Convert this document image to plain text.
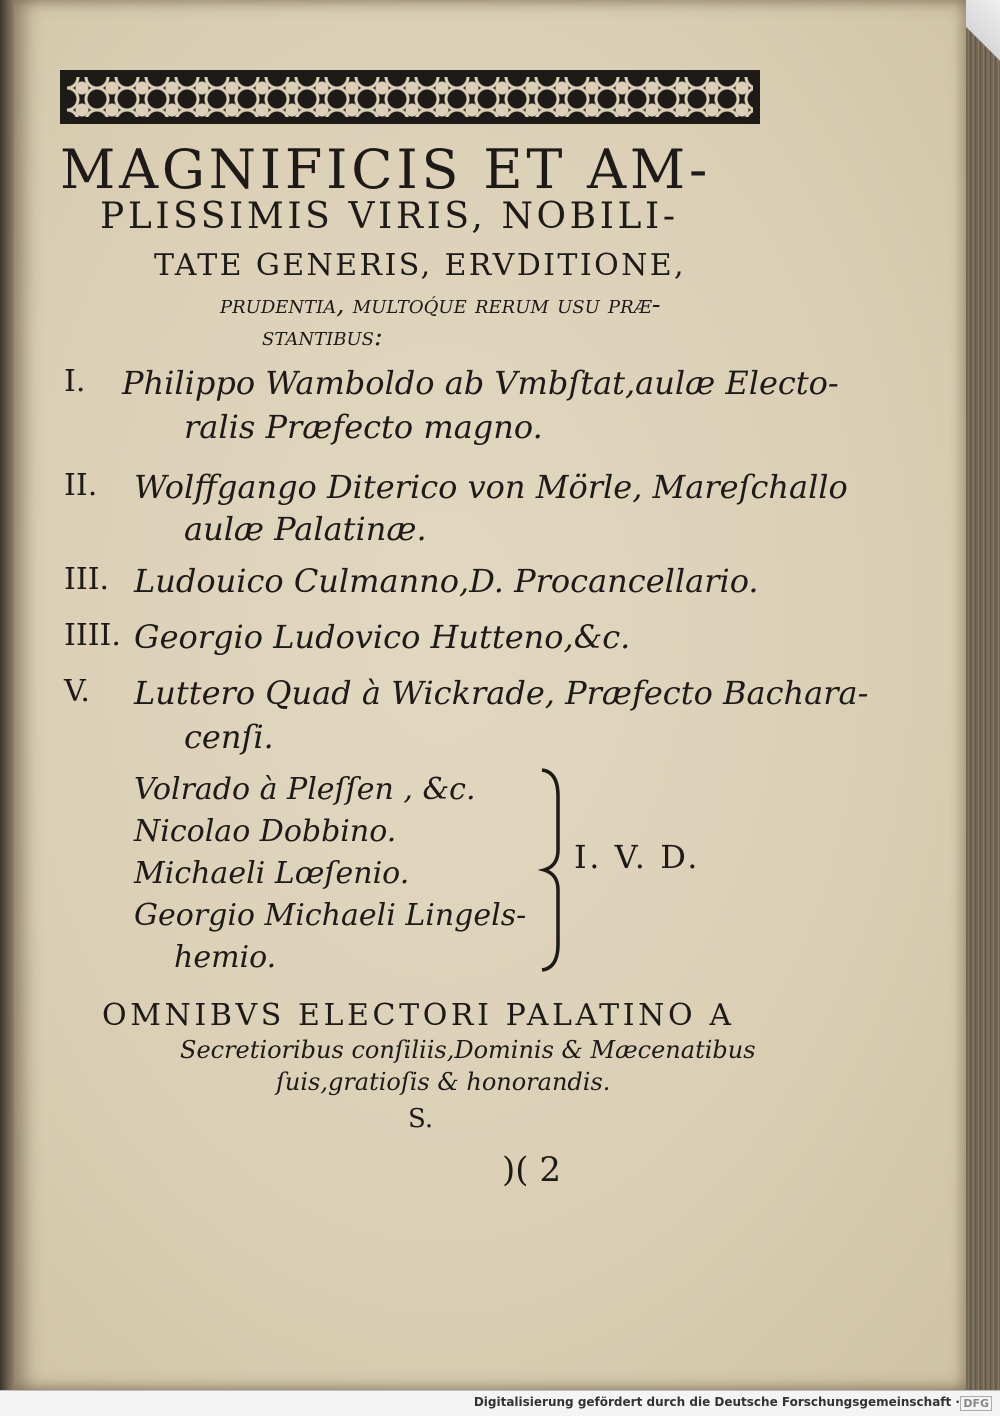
MAGNIFICIS ET AM-
PLISSIMIS VIRIS, NOBILI-
TATE GENERIS, ERVDITIONE,
prudentia, multoq́ue rerum uſu præ-
ſtantibus:
I. Philippo Wamboldo ab Vmbſtat,aulæ Electo-
ralis Præfecto magno.
II. Wolffgango Diterico von Mörle, Mareſchallo
aulæ Palatinæ.
III. Ludouico Culmanno,D. Procancellario.
IIII. Georgio Ludovico Hutteno,&c.
V. Luttero Quad à Wickrade, Præfecto Bachara-
cenſi.
Volrado à Pleſſen , &c.
Nicolao Dobbino.
Michaeli Lœſenio.
Georgio Michaeli Lingels-
hemio.
I. V. D.
OMNIBVS ELECTORI PALATINO A
Secretioribus conſiliis,Dominis & Mæcenatibus
ſuis,gratioſis & honorandis.
S.
)( 2
Digitalisierung gefördert durch die Deutsche Forschungsgemeinschaft · DFG
